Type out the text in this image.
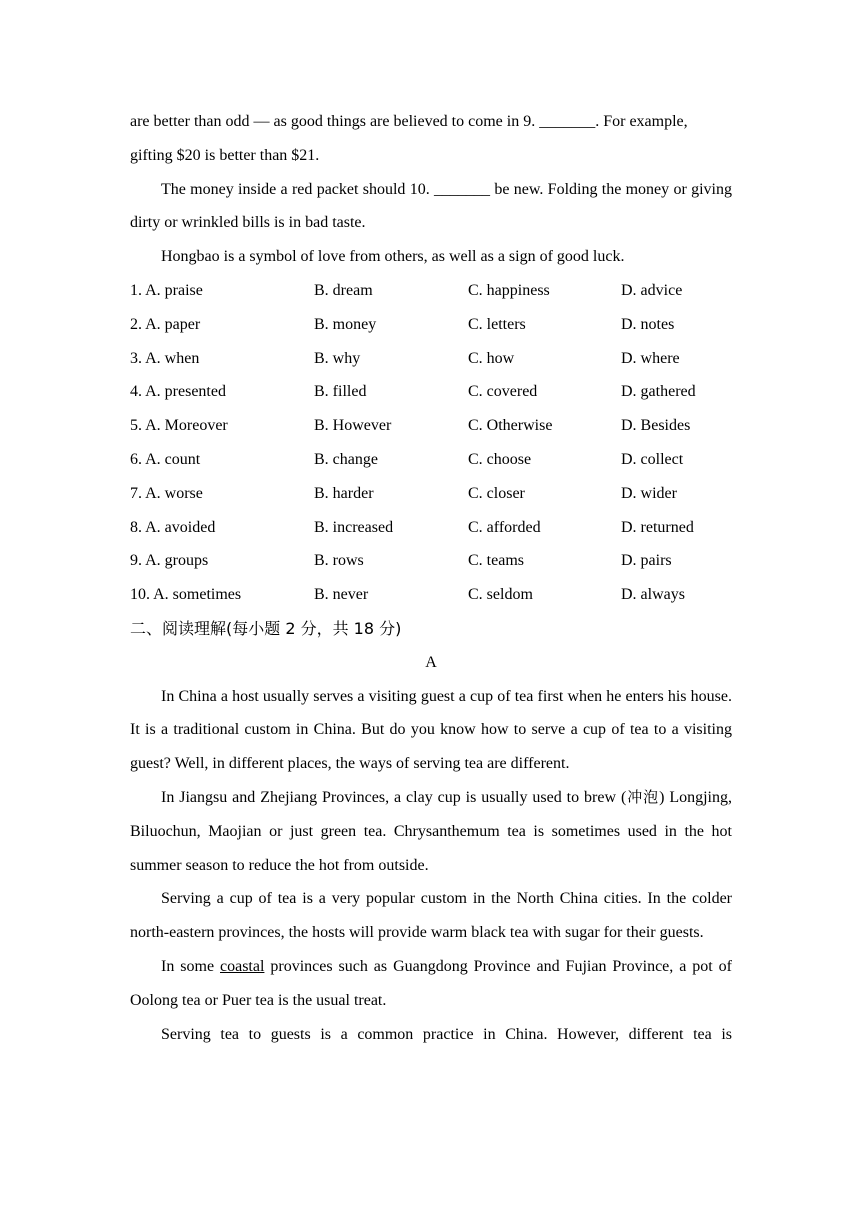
are better than odd — as good things are believed to come in 9. _______. For example,
gifting $20 is better than $21.
The money inside a red packet should 10. _______ be new. Folding the money or giving dirty or wrinkled bills is in bad taste.
Hongbao is a symbol of love from others, as well as a sign of good luck.
1. A. praise	B. dream	C. happiness	D. advice
2. A. paper	B. money	C. letters	D. notes
3. A. when	B. why	C. how	D. where
4. A. presented	B. filled	C. covered	D. gathered
5. A. Moreover	B. However	C. Otherwise	D. Besides
6. A. count	B. change	C. choose	D. collect
7. A. worse	B. harder	C. closer	D. wider
8. A. avoided	B. increased	C. afforded	D. returned
9. A. groups	B. rows	C. teams	D. pairs
10. A. sometimes	B. never	C. seldom	D. always
二、阅读理解(每小题 2 分，共 18 分)
A
In China a host usually serves a visiting guest a cup of tea first when he enters his house. It is a traditional custom in China. But do you know how to serve a cup of tea to a visiting guest? Well, in different places, the ways of serving tea are different.
In Jiangsu and Zhejiang Provinces, a clay cup is usually used to brew (冲泡) Longjing, Biluochun, Maojian or just green tea. Chrysanthemum tea is sometimes used in the hot summer season to reduce the hot from outside.
Serving a cup of tea is a very popular custom in the North China cities. In the colder north-eastern provinces, the hosts will provide warm black tea with sugar for their guests.
In some coastal provinces such as Guangdong Province and Fujian Province, a pot of Oolong tea or Puer tea is the usual treat.
Serving tea to guests is a common practice in China. However, different tea is
